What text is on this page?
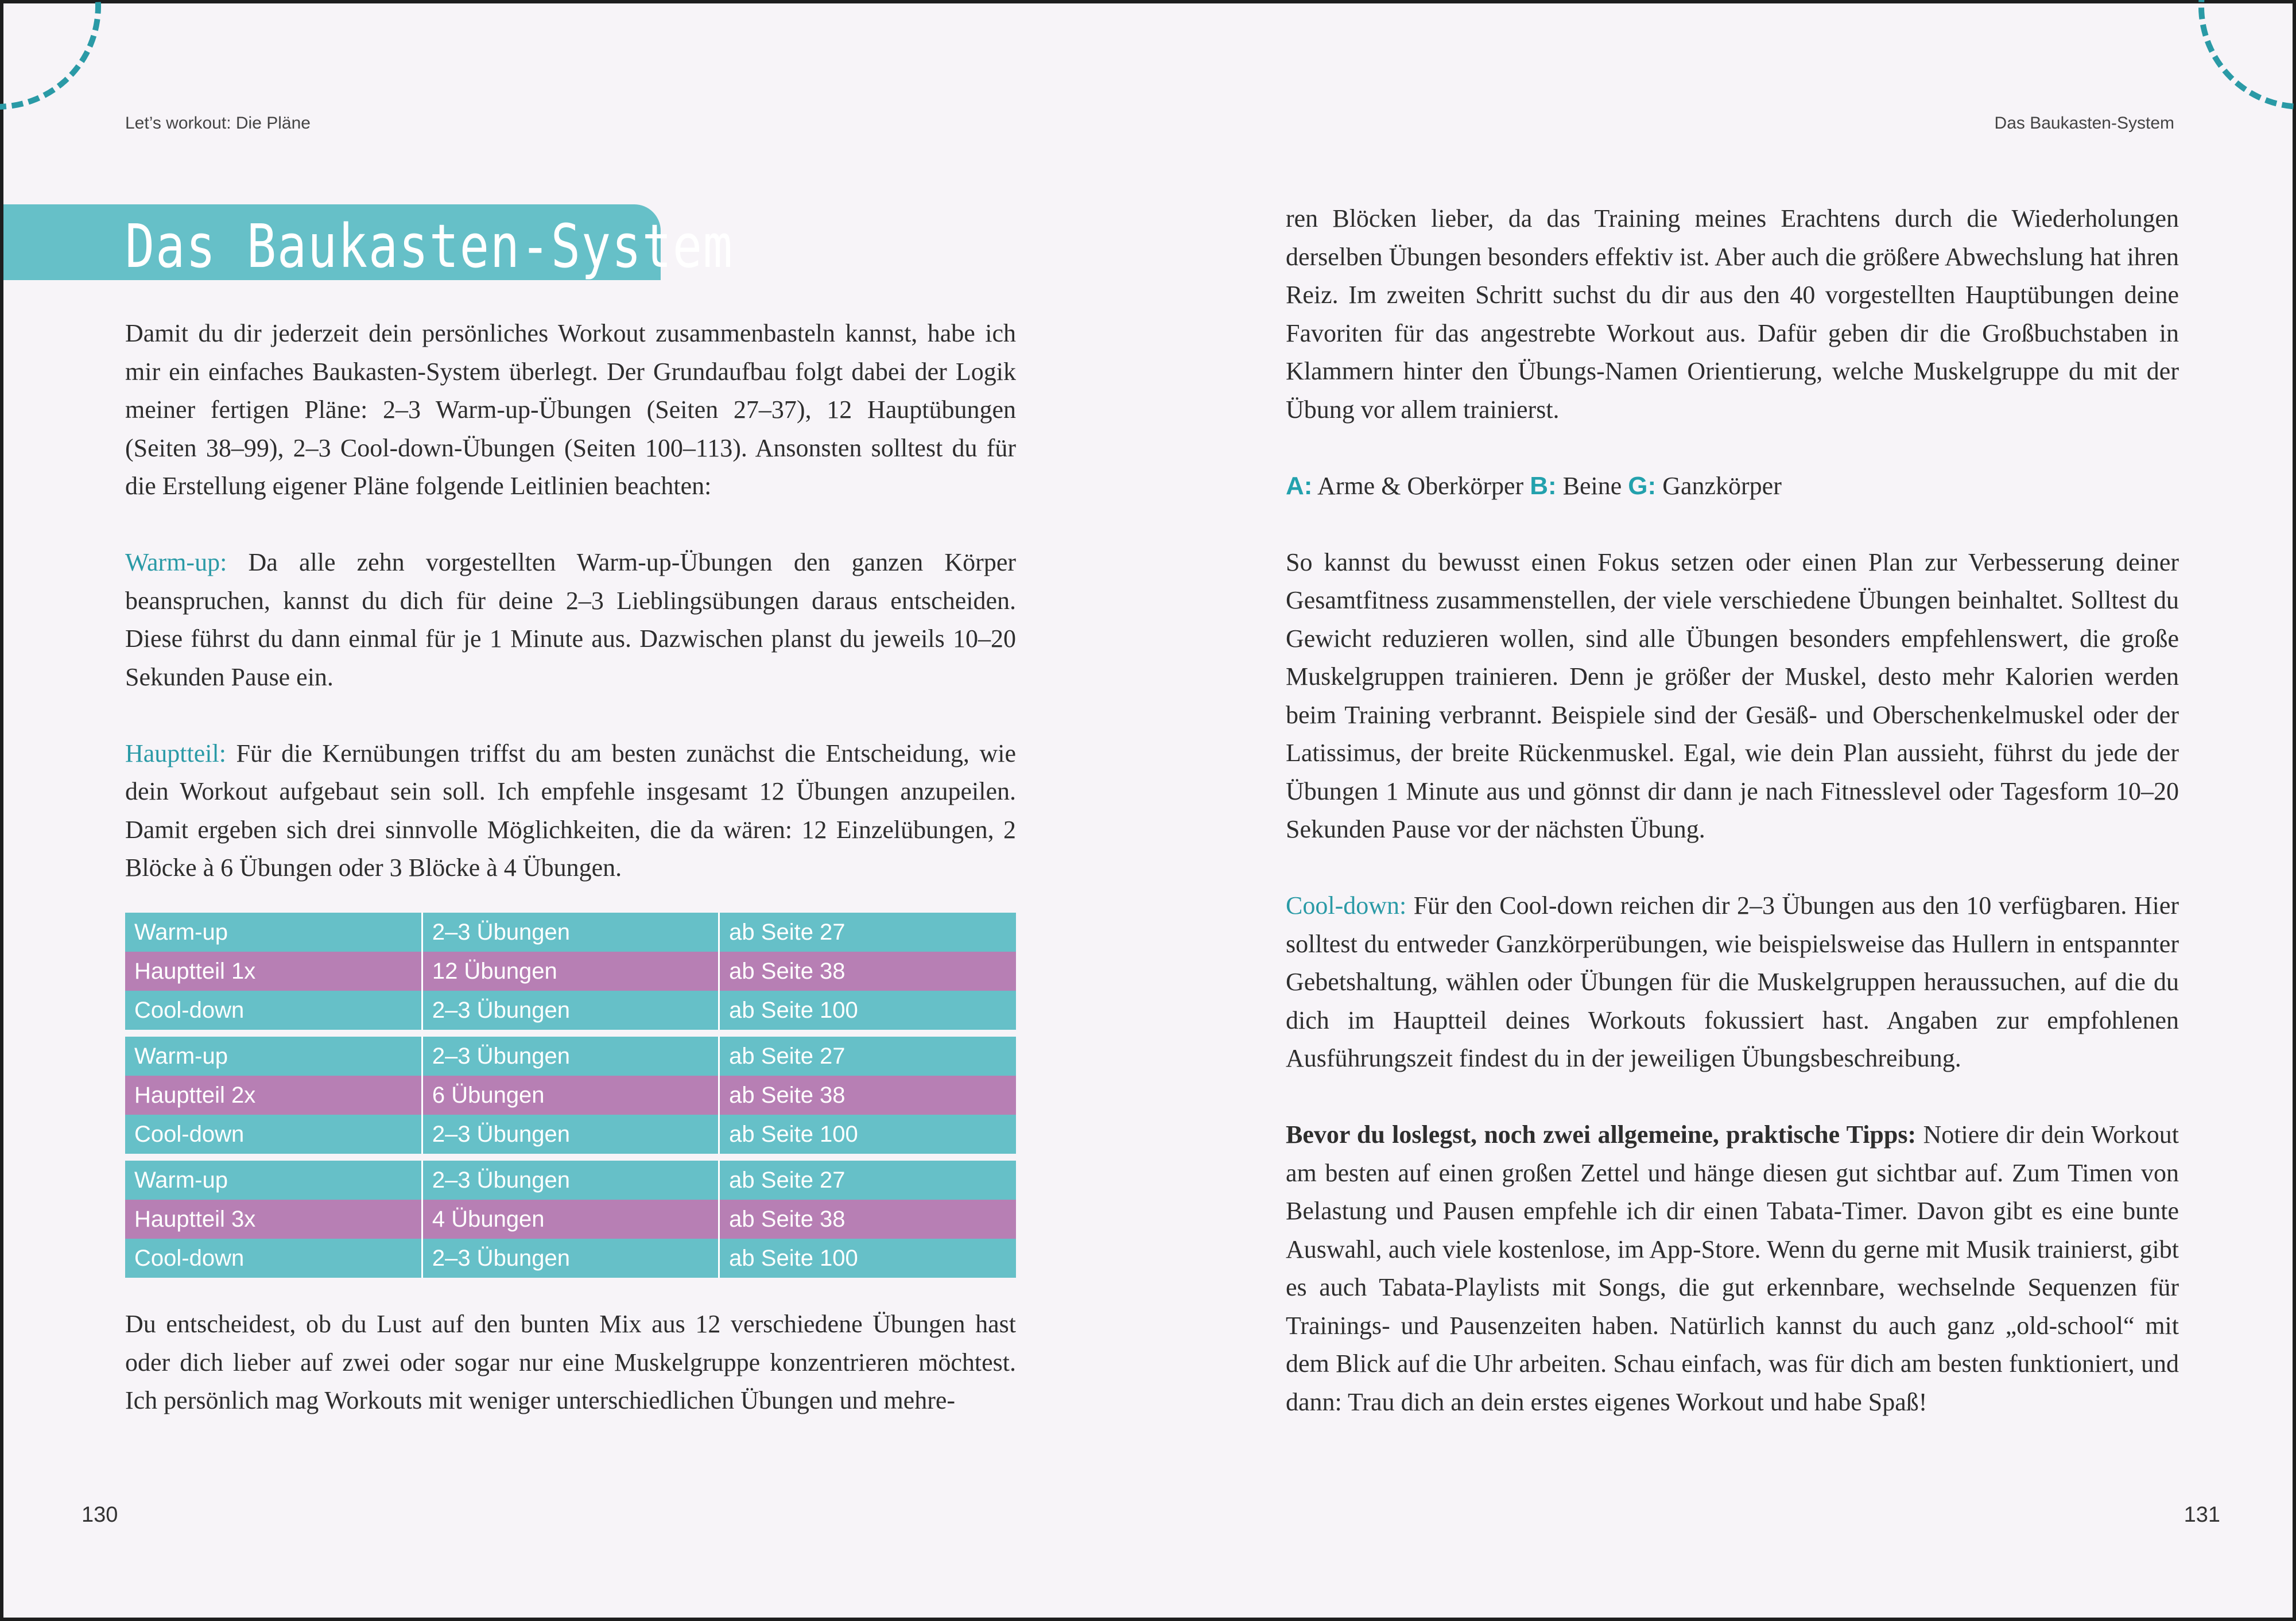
Let’s workout: Die Pläne
Das Baukasten-System

Damit du dir jederzeit dein persönliches Workout zusammenbasteln kannst, habe ich mir ein einfaches Baukasten-System überlegt. Der Grundaufbau folgt dabei der Logik meiner fertigen Pläne: 2–3 Warm-up-Übungen (Seiten 27–37), 12 Hauptübungen (Seiten 38–99), 2–3 Cool-down-Übungen (Seiten 100–113). Ansonsten solltest du für die Erstellung eigener Pläne folgende Leitlinien beachten:

Warm-up: Da alle zehn vorgestellten Warm-up-Übungen den ganzen Körper beanspruchen, kannst du dich für deine 2–3 Lieblingsübungen daraus entscheiden. Diese führst du dann einmal für je 1 Minute aus. Dazwischen planst du jeweils 10–20 Sekunden Pause ein.

Hauptteil: Für die Kernübungen triffst du am besten zunächst die Entscheidung, wie dein Workout aufgebaut sein soll. Ich empfehle insgesamt 12 Übungen anzupeilen. Damit ergeben sich drei sinnvolle Möglichkeiten, die da wären: 12 Einzelübungen, 2 Blöcke à 6 Übungen oder 3 Blöcke à 4 Übungen.

Warm-up	2–3 Übungen	ab Seite 27
Hauptteil 1x	12 Übungen	ab Seite 38
Cool-down	2–3 Übungen	ab Seite 100
Warm-up	2–3 Übungen	ab Seite 27
Hauptteil 2x	6 Übungen	ab Seite 38
Cool-down	2–3 Übungen	ab Seite 100
Warm-up	2–3 Übungen	ab Seite 27
Hauptteil 3x	4 Übungen	ab Seite 38
Cool-down	2–3 Übungen	ab Seite 100

Du entscheidest, ob du Lust auf den bunten Mix aus 12 verschiedene Übungen hast oder dich lieber auf zwei oder sogar nur eine Muskelgruppe konzentrieren möchtest. Ich persönlich mag Workouts mit weniger unterschiedlichen Übungen und mehre-

130
Das Baukasten-System

ren Blöcken lieber, da das Training meines Erachtens durch die Wiederholungen derselben Übungen besonders effektiv ist. Aber auch die größere Abwechslung hat ihren Reiz. Im zweiten Schritt suchst du dir aus den 40 vorgestellten Hauptübungen deine Favoriten für das angestrebte Workout aus. Dafür geben dir die Großbuchstaben in Klammern hinter den Übungs-Namen Orientierung, welche Muskelgruppe du mit der Übung vor allem trainierst.

A: Arme & Oberkörper B: Beine G: Ganzkörper

So kannst du bewusst einen Fokus setzen oder einen Plan zur Verbesserung deiner Gesamtfitness zusammenstellen, der viele verschiedene Übungen beinhaltet. Solltest du Gewicht reduzieren wollen, sind alle Übungen besonders empfehlenswert, die große Muskelgruppen trainieren. Denn je größer der Muskel, desto mehr Kalorien werden beim Training verbrannt. Beispiele sind der Gesäß- und Oberschenkelmuskel oder der Latissimus, der breite Rückenmuskel. Egal, wie dein Plan aussieht, führst du jede der Übungen 1 Minute aus und gönnst dir dann je nach Fitnesslevel oder Tagesform 10–20 Sekunden Pause vor der nächsten Übung.

Cool-down: Für den Cool-down reichen dir 2–3 Übungen aus den 10 verfügbaren. Hier solltest du entweder Ganzkörperübungen, wie beispielsweise das Hullern in entspannter Gebetshaltung, wählen oder Übungen für die Muskelgruppen heraussuchen, auf die du dich im Hauptteil deines Workouts fokussiert hast. Angaben zur empfohlenen Ausführungszeit findest du in der jeweiligen Übungsbeschreibung.

Bevor du loslegst, noch zwei allgemeine, praktische Tipps: Notiere dir dein Workout am besten auf einen großen Zettel und hänge diesen gut sichtbar auf. Zum Timen von Belastung und Pausen empfehle ich dir einen Tabata-Timer. Davon gibt es eine bunte Auswahl, auch viele kostenlose, im App-Store. Wenn du gerne mit Musik trainierst, gibt es auch Tabata-Playlists mit Songs, die gut erkennbare, wechselnde Sequenzen für Trainings- und Pausenzeiten haben. Natürlich kannst du auch ganz „old-school“ mit dem Blick auf die Uhr arbeiten. Schau einfach, was für dich am besten funktioniert, und dann: Trau dich an dein erstes eigenes Workout und habe Spaß!

131
